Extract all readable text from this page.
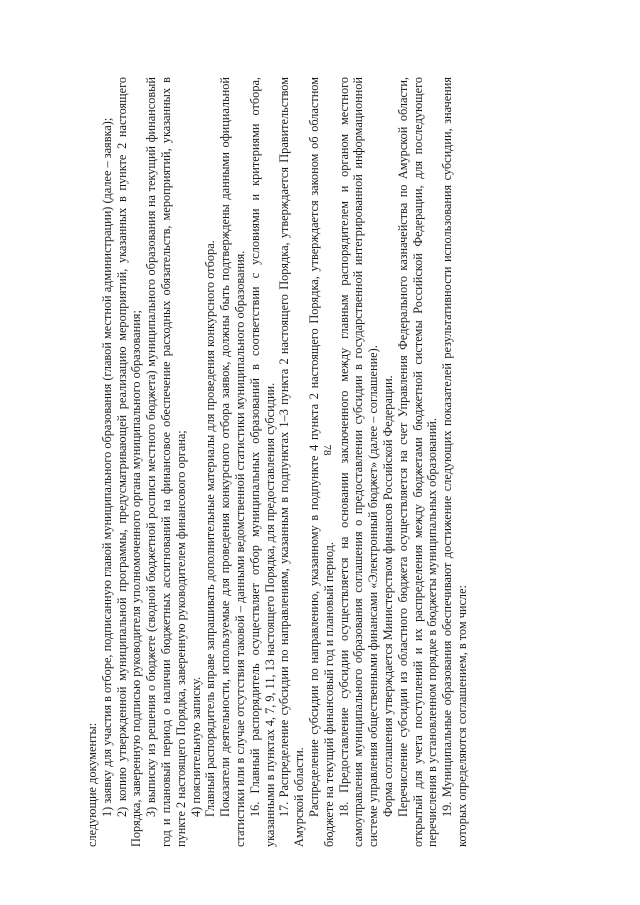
78

следующие документы: 1) заявку для участия в отборе, подписанную главой муниципального образования (главой местной администрации) (далее – заявка); 2) копию утвержденной муниципальной программы, предусматривающей реализацию мероприятий, указанных в пункте 2 настоящего Порядка, заверенную подписью руководителя уполномоченного органа муниципального образования; 3) выписку из решения о бюджете (сводной бюджетной росписи местного бюджета) муниципального образования на текущий финансовый год и плановый период о наличии бюджетных ассигнований на финансовое обеспечение расходных обязательств, мероприятий, указанных в пункте 2 настоящего Порядка, заверенную руководителем финансового органа; 4) пояснительную записку. Главный распорядитель вправе запрашивать дополнительные материалы для проведения конкурсного отбора. Показатели деятельности, используемые для проведения конкурсного отбора заявок, должны быть подтверждены данными официальной статистики или в случае отсутствия таковой – данными ведомственной статистики муниципального образования. 16. Главный распорядитель осуществляет отбор муниципальных образований в соответствии с условиями и критериями отбора, указанными в пунктах 4, 7, 9, 11, 13 настоящего Порядка, для предоставления субсидии. 17. Распределение субсидии по направлениям, указанным в подпунктах 1–3 пункта 2 настоящего Порядка, утверждается Правительством Амурской области. Распределение субсидии по направлению, указанному в подпункте 4 пункта 2 настоящего Порядка, утверждается законом об областном бюджете на текущий финансовый год и плановый период. 18. Предоставление субсидии осуществляется на основании заключенного между главным распорядителем и органом местного самоуправления муниципального образования соглашения о предоставлении субсидии в государственной интегрированной информационной системе управления общественными финансами «Электронный бюджет» (далее – соглашение). Форма соглашения утверждается Министерством финансов Российской Федерации. Перечисление субсидии из областного бюджета осуществляется на счет Управления Федерального казначейства по Амурской области, открытый для учета поступлений и их распределения между бюджетами бюджетной системы Российской Федерации, для последующего перечисления в установленном порядке в бюджеты муниципальных образований. 19. Муниципальные образования обеспечивают достижение следующих показателей результативности использования субсидии, значения которых определяются соглашением, в том числе:
